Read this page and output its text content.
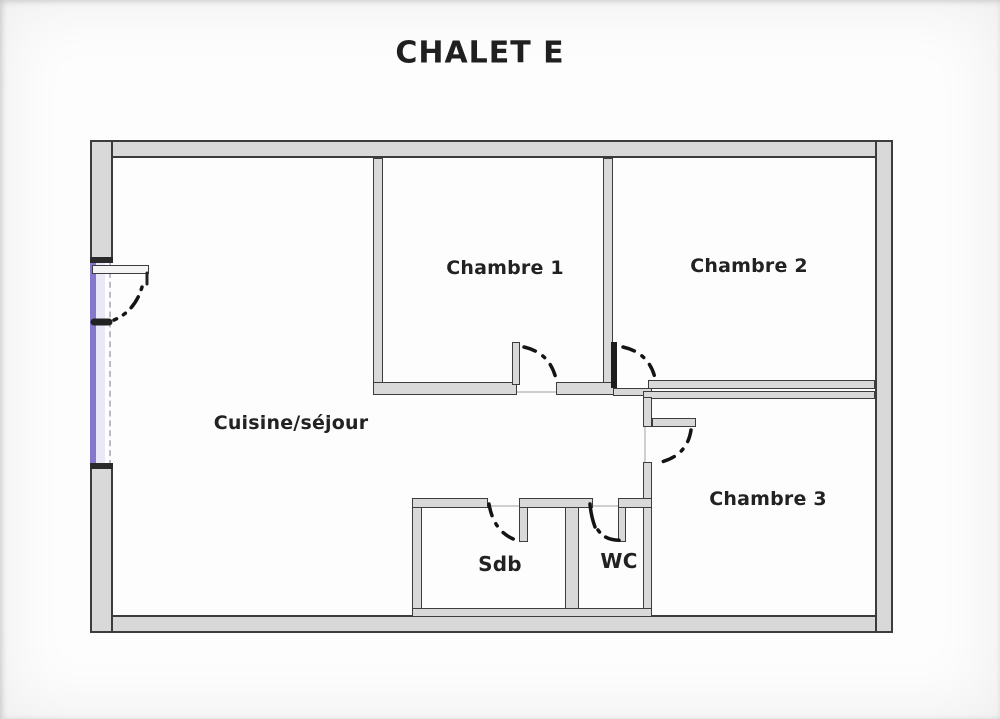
CHALET E
Chambre 1	Chambre 2
Chambre 3
Cuisine/séjour
Sdb	WC
